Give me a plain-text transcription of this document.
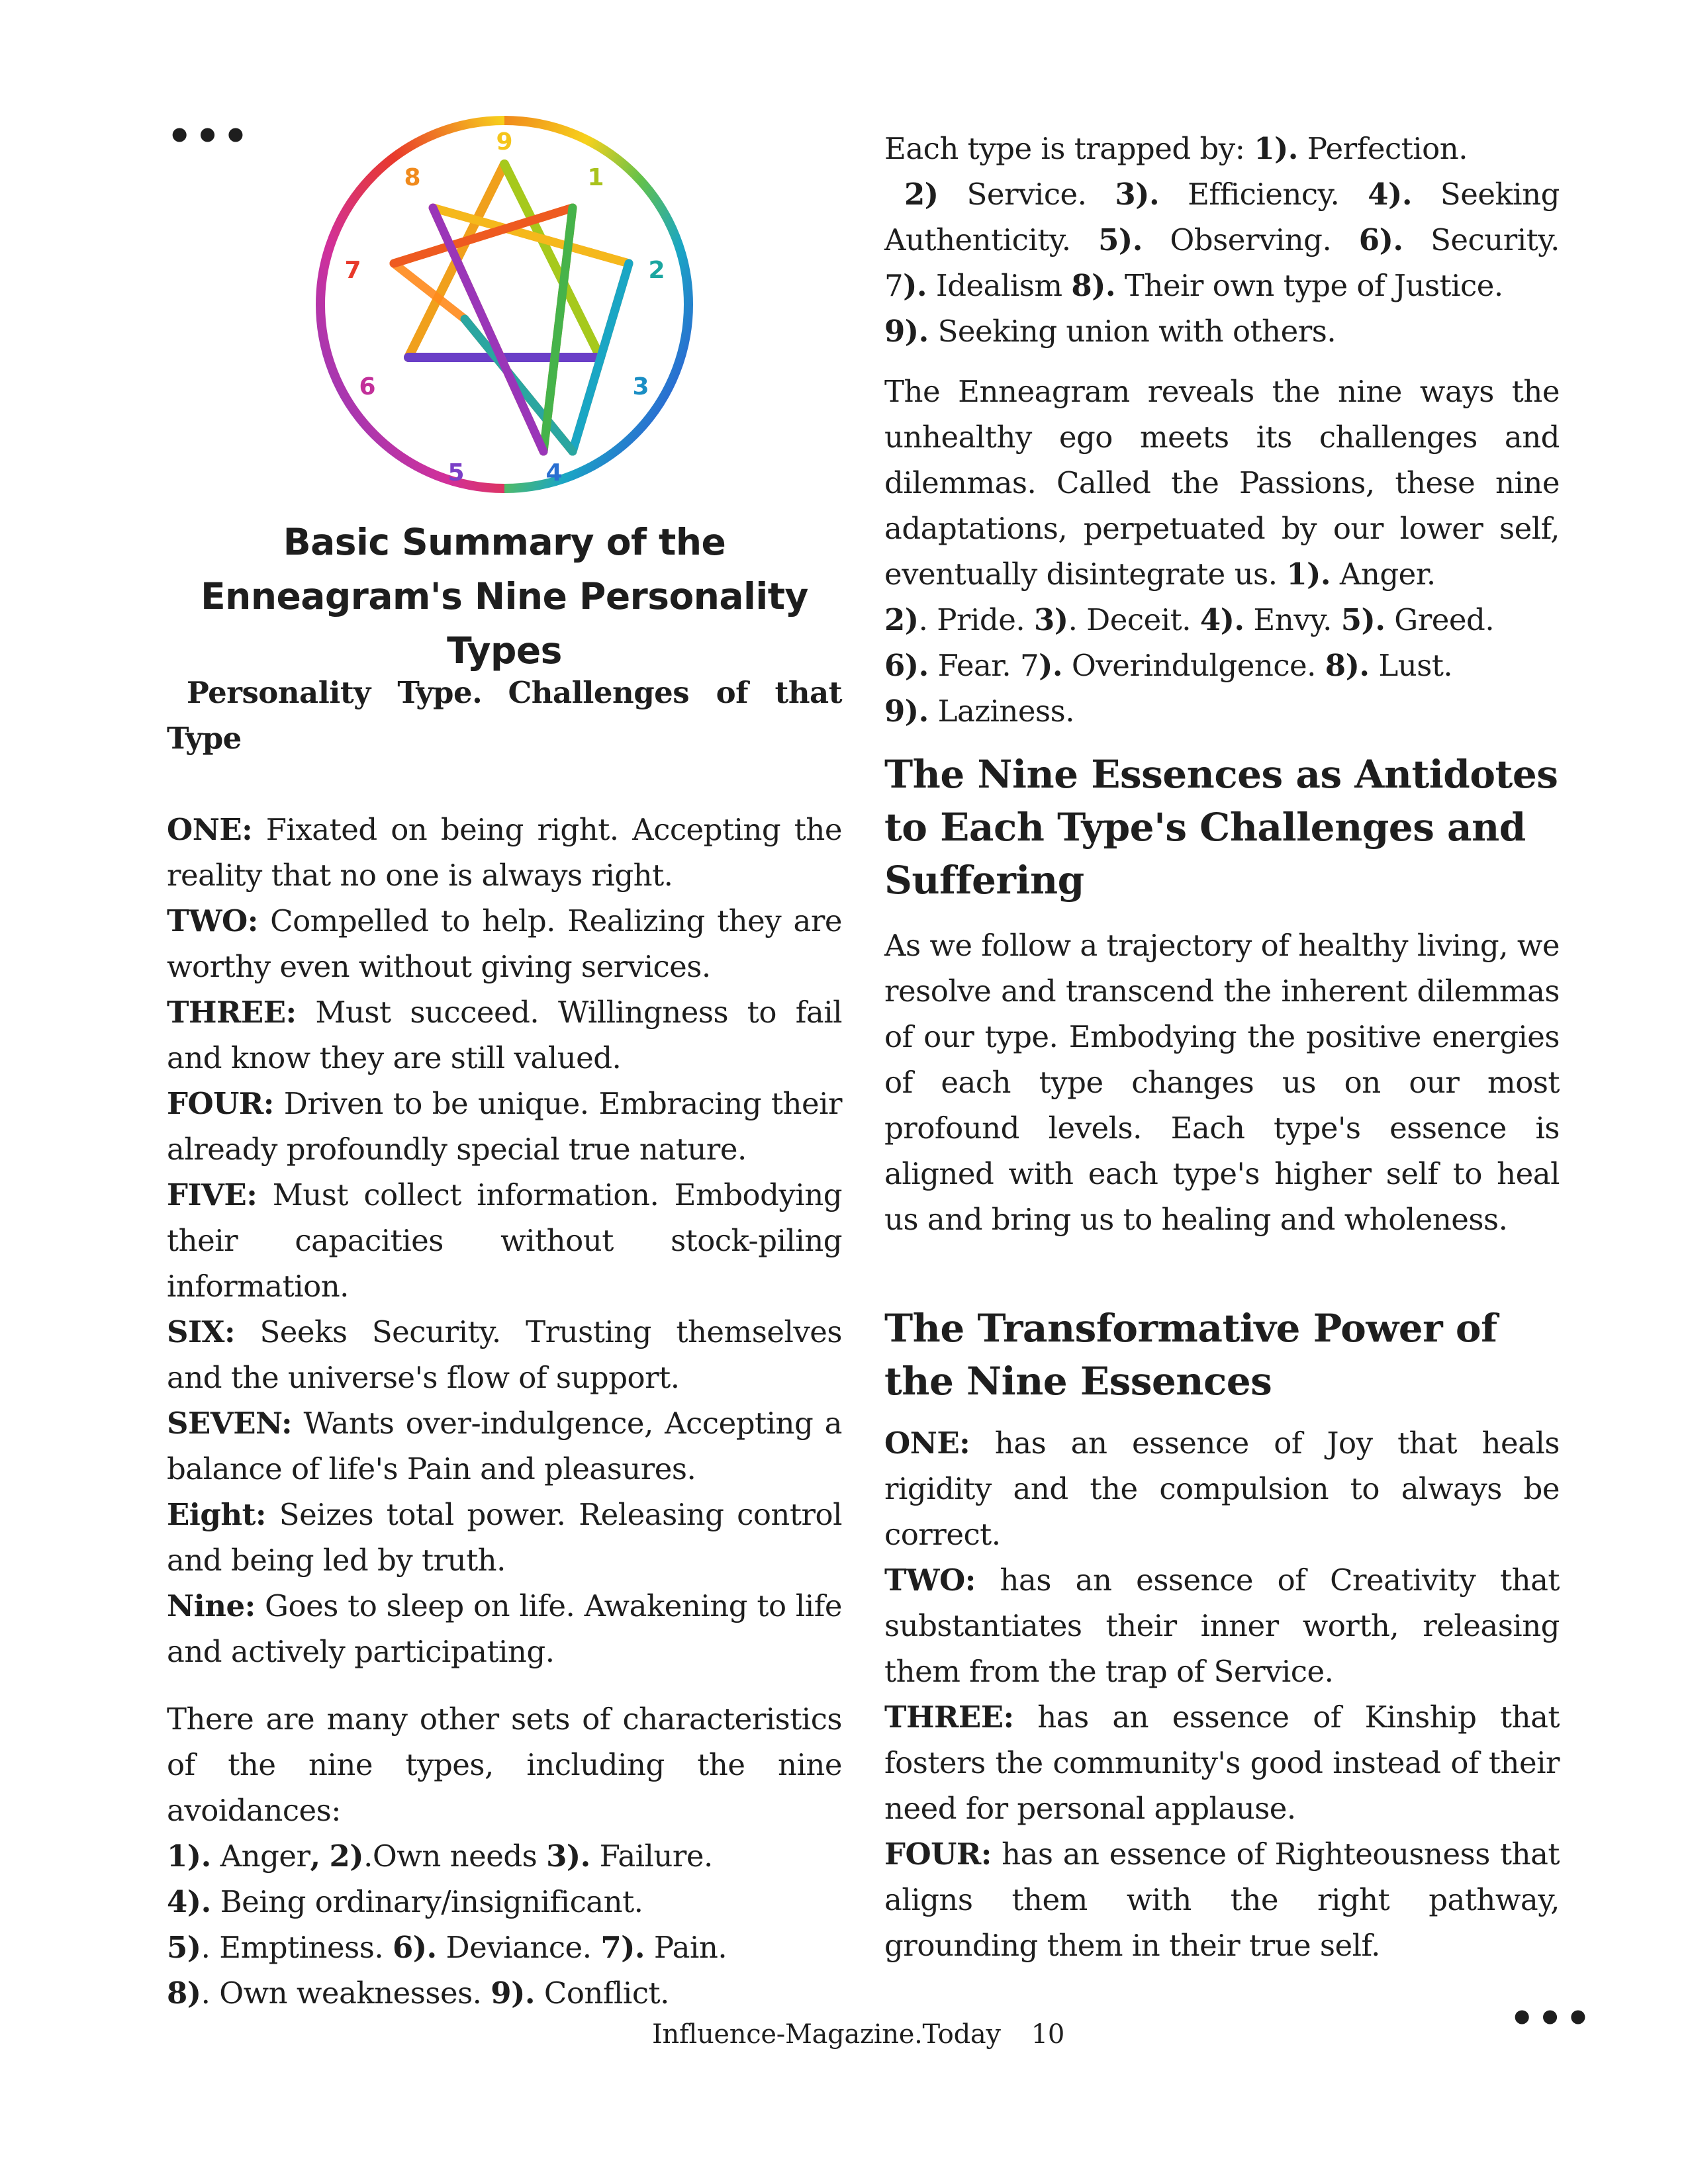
•••
•••
9
1
2
3
4
5
6
7
8
Basic Summary of the
Enneagram's Nine Personality
Types
Personality Type. Challenges of that
Type

ONE: Fixated on being right. Accepting the reality that no one is always right.

TWO: Compelled to help. Realizing they are worthy even without giving services.

THREE: Must succeed. Willingness to fail and know they are still valued.

FOUR: Driven to be unique. Embracing their already profoundly special true nature.

FIVE: Must collect information. Embodying their capacities without stock-piling information.

SIX: Seeks Security. Trusting themselves and the universe's flow of support.

SEVEN: Wants over-indulgence, Accepting a balance of life's Pain and pleasures.

Eight: Seizes total power. Releasing control and being led by truth.

Nine: Goes to sleep on life. Awakening to life and actively participating.

There are many other sets of characteristics of the nine types, including the nine avoidances:

1). Anger, 2).Own needs 3). Failure.

4). Being ordinary/insignificant.

5). Emptiness. 6). Deviance. 7). Pain.

8). Own weaknesses. 9). Conflict.

Each type is trapped by: 1). Perfection.

2) Service. 3). Efficiency. 4). Seeking

Authenticity. 5). Observing. 6). Security.

7). Idealism 8). Their own type of Justice.

9). Seeking union with others.

The Enneagram reveals the nine ways the unhealthy ego meets its challenges and dilemmas. Called the Passions, these nine adaptations, perpetuated by our lower self, eventually disintegrate us. 1). Anger.

2). Pride. 3). Deceit. 4). Envy. 5). Greed.

6). Fear. 7). Overindulgence. 8). Lust.

9). Laziness.

The Nine Essences as Antidotes to Each Type's Challenges and Suffering
As we follow a trajectory of healthy living, we resolve and transcend the inherent dilemmas of our type. Embodying the positive energies of each type changes us on our most profound levels. Each type's essence is aligned with each type's higher self to heal us and bring us to healing and wholeness.
The Transformative Power of the Nine Essences

ONE: has an essence of Joy that heals rigidity and the compulsion to always be correct.

TWO: has an essence of Creativity that substantiates their inner worth, releasing them from the trap of Service.

THREE: has an essence of Kinship that fosters the community's good instead of their need for personal applause.

FOUR: has an essence of Righteousness that aligns them with the right pathway, grounding them in their true self.

Influence-Magazine.Today 10
